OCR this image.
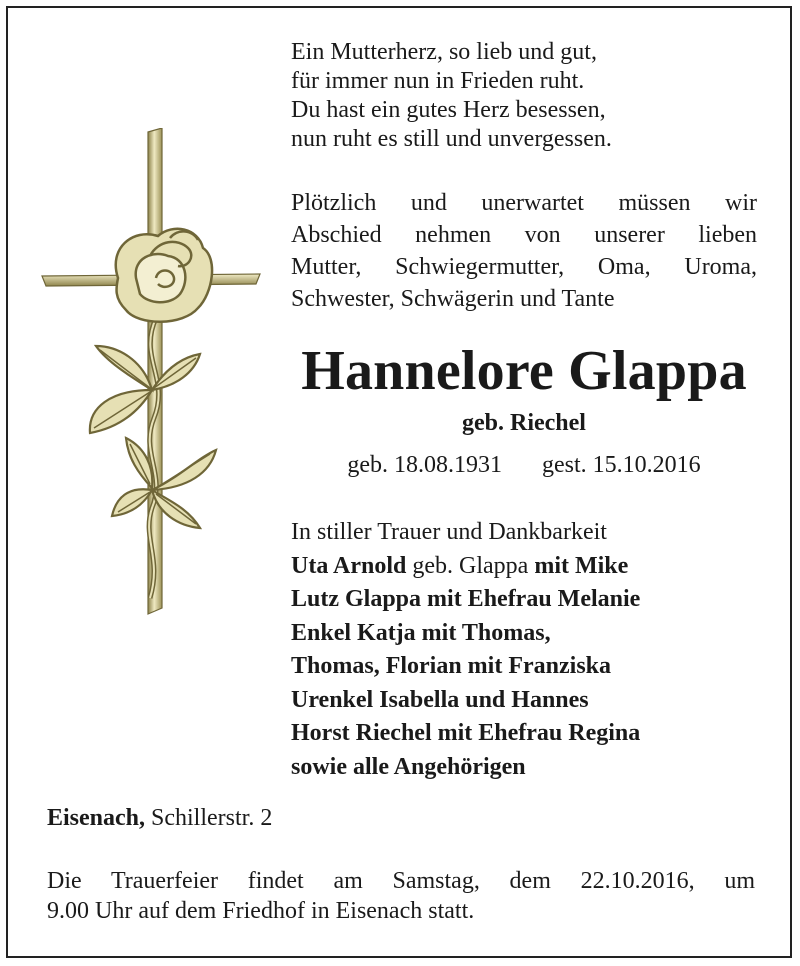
Ein Mutterherz, so lieb und gut,
für immer nun in Frieden ruht.
Du hast ein gutes Herz besessen,
nun ruht es still und unvergessen.
Plötzlich und unerwartet müssen wir
Abschied nehmen von unserer lieben
Mutter, Schwiegermutter, Oma, Uroma,
Schwester, Schwägerin und Tante
Hannelore Glappa
geb. Riechel
geb. 18.08.1931 gest. 15.10.2016
In stiller Trauer und Dankbarkeit
Uta Arnold geb. Glappa mit Mike
Lutz Glappa mit Ehefrau Melanie
Enkel Katja mit Thomas,
Thomas, Florian mit Franziska
Urenkel Isabella und Hannes
Horst Riechel mit Ehefrau Regina
sowie alle Angehörigen
Eisenach, Schillerstr. 2
Die Trauerfeier findet am Samstag, dem 22.10.2016, um
9.00 Uhr auf dem Friedhof in Eisenach statt.
